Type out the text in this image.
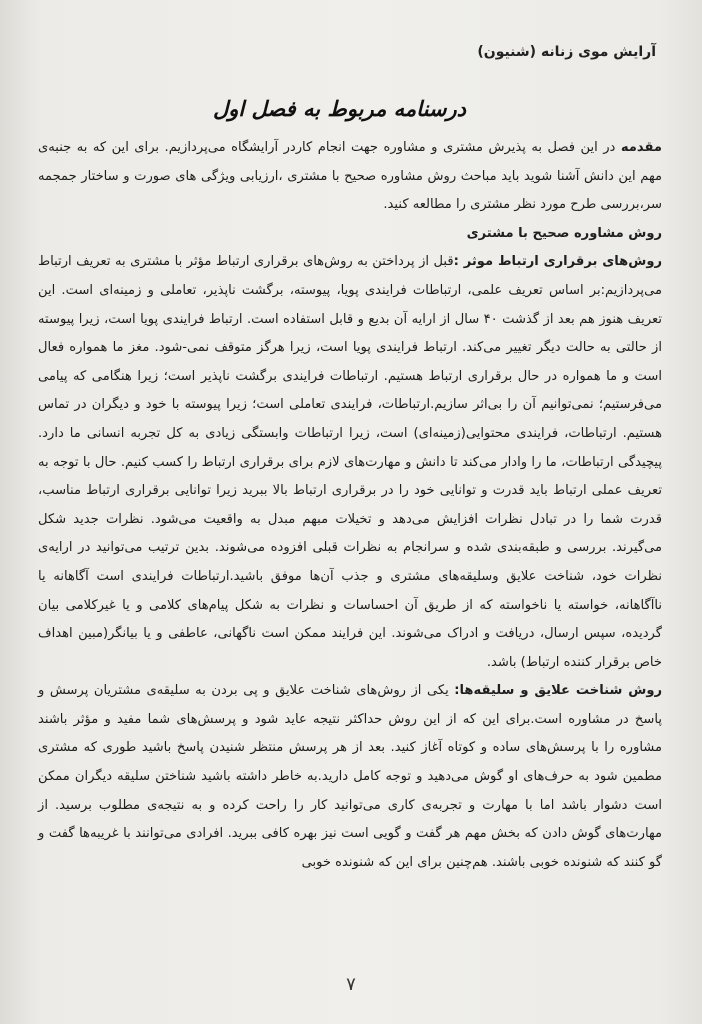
آرایش موی زنانه (شنیون)
درسنامه مربوط به فصل اول

مقدمه در این فصل به پذیرش مشتری و مشاوره جهت انجام کاردر آرایشگاه می‌پردازیم. برای این که به جنبه‌ی مهم این دانش آشنا شوید باید مباحث روش مشاوره صحیح با مشتری ،ارزیابی ویژگی های صورت و ساختار جمجمه سر،بررسی طرح مورد نظر مشتری را مطالعه کنید.

روش مشاوره صحیح با مشتری

روش‌های برقراری ارتباط موثر :قبل از پرداختن به روش‌های برقراری ارتباط مؤثر با مشتری به تعریف ارتباط می‌پردازیم:بر اساس تعریف علمی، ارتباطات فرایندی پویا، پیوسته، برگشت ناپذیر، تعاملی و زمینه‌ای است. این تعریف هنوز هم بعد از گذشت ۴۰ سال از ارایه آن بدیع و قابل استفاده است. ارتباط فرایندی پویا است، زیرا پیوسته از حالتی به حالت دیگر تغییر می‌کند. ارتباط فرایندی پویا است، زیرا هرگز متوقف نمی-شود. مغز ما همواره فعال است و ما همواره در حال برقراری ارتباط هستیم. ارتباطات فرایندی برگشت ناپذیر است؛ زیرا هنگامی که پیامی می‌فرستیم؛ نمی‌توانیم آن را بی‌اثر سازیم.ارتباطات، فرایندی تعاملی است؛ زیرا پیوسته با خود و دیگران در تماس هستیم. ارتباطات، فرایندی محتوایی(زمینه‌ای) است، زیرا ارتباطات وابستگی زیادی به کل تجربه انسانی ما دارد. پیچیدگی ارتباطات، ما را وادار می‌کند تا دانش و مهارت‌های لازم برای برقراری ارتباط را کسب کنیم. حال با توجه به تعریف عملی ارتباط باید قدرت و توانایی خود را در برقراری ارتباط بالا ببرید زیرا توانایی برقراری ارتباط مناسب، قدرت شما را در تبادل نظرات افزایش می‌دهد و تخیلات مبهم مبدل به واقعیت می‌شود. نظرات جدید شکل می‌گیرند. بررسی و طبقه‌بندی شده و سرانجام به نظرات قبلی افزوده می‌شوند. بدین ترتیب می‌توانید در ارایه‌ی نظرات خود، شناخت علایق وسلیقه‌های مشتری و جذب آن‌ها موفق باشید.ارتباطات فرایندی است آگاهانه یا ناآگاهانه، خواسته یا ناخواسته که از طریق آن احساسات و نظرات به شکل پیام‌های کلامی و یا غیرکلامی بیان گردیده، سپس ارسال، دریافت و ادراک می‌شوند. این فرایند ممکن است ناگهانی، عاطفی و یا بیانگر(مبین اهداف خاص برقرار کننده ارتباط) باشد.

روش شناخت علایق و سلیقه‌ها: یکی از روش‌های شناخت علایق و پی بردن به سلیقه‌ی مشتریان پرسش و پاسخ در مشاوره است.برای این که از این روش حداکثر نتیجه عاید شود و پرسش‌های شما مفید و مؤثر باشند مشاوره را با پرسش‌های ساده و کوتاه آغاز کنید. بعد از هر پرسش منتظر شنیدن پاسخ باشید طوری که مشتری مطمین شود به حرف‌های او گوش می‌دهید و توجه کامل دارید.به خاطر داشته باشید شناختن سلیقه دیگران ممکن است دشوار باشد اما با مهارت و تجربه‌ی کاری می‌توانید کار را راحت کرده و به نتیجه‌ی مطلوب برسید. از مهارت‌های گوش دادن که بخش مهم هر گفت و گویی است نیز بهره کافی ببرید. افرادی می‌توانند با غریبه‌ها گفت و گو کنند که شنونده خوبی باشند. هم‌چنین برای این که شنونده خوبی

۷
